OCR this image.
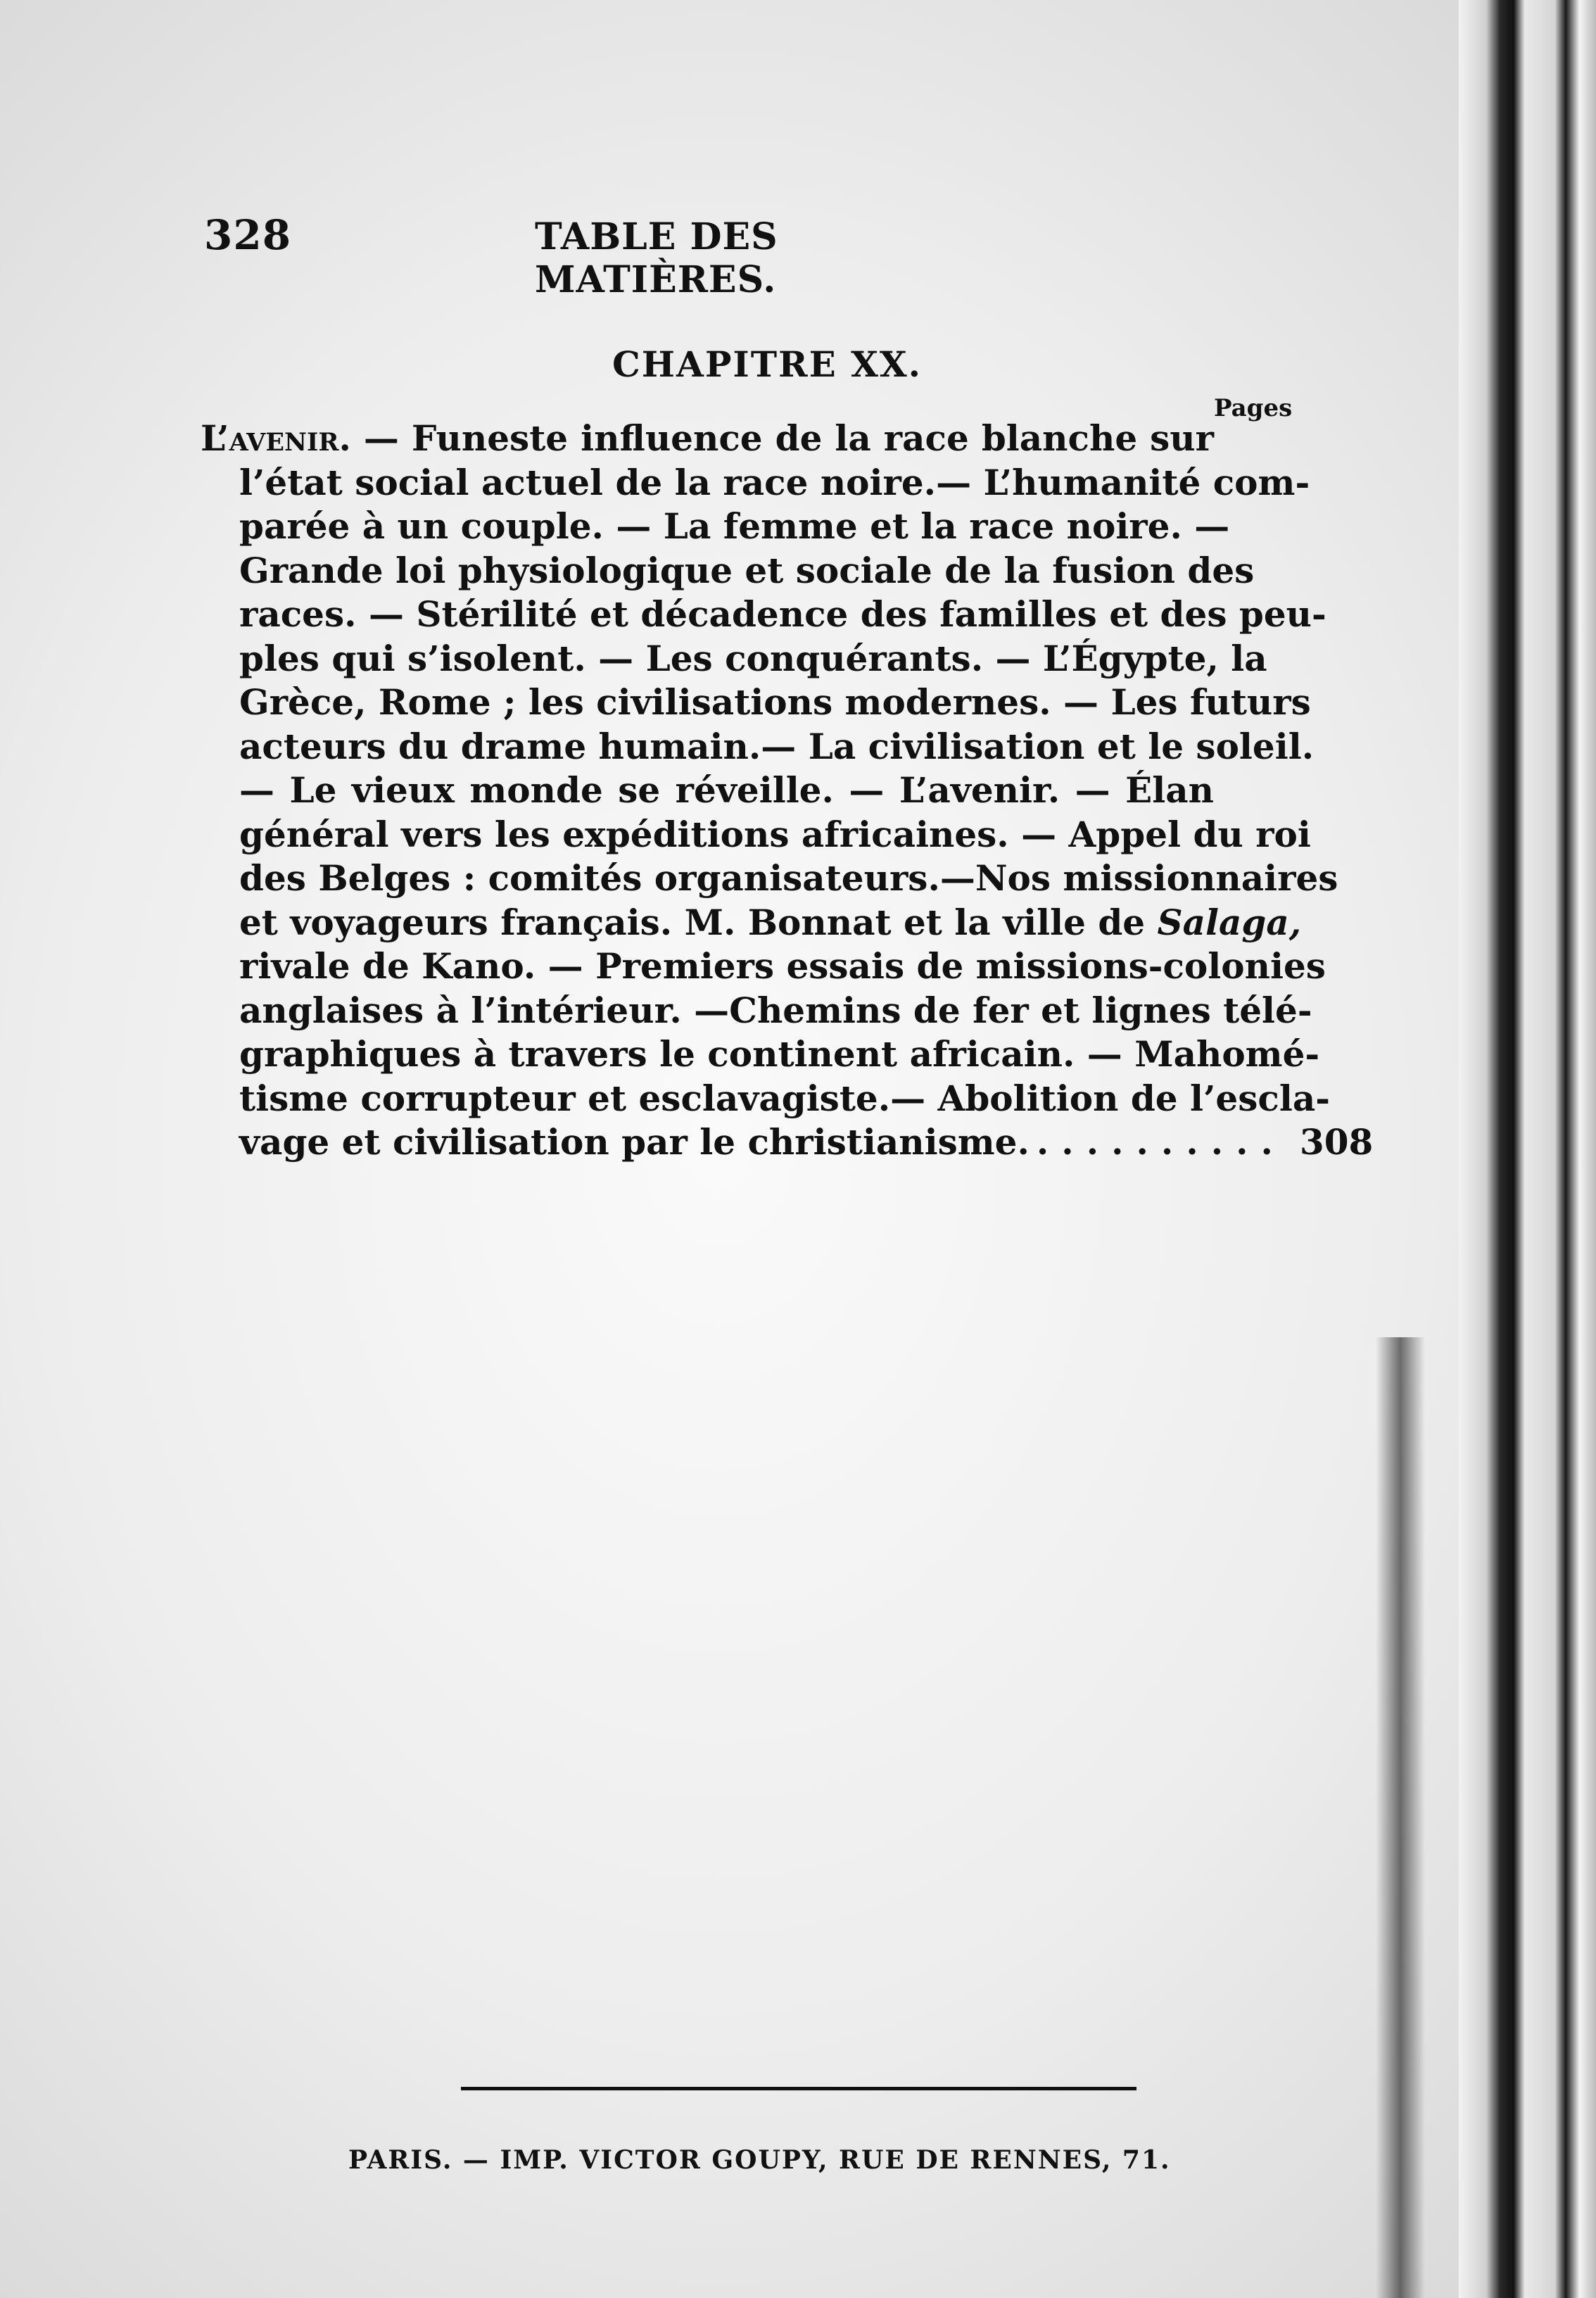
328	TABLE DES MATIÈRES.
CHAPITRE XX.
Pages
L’avenir. — Funeste influence de la race blanche sur
l’état social actuel de la race noire.— L’humanité com-
parée à un couple. — La femme et la race noire. —
Grande loi physiologique et sociale de la fusion des
races. — Stérilité et décadence des familles et des peu-
ples qui s’isolent. — Les conquérants. — L’Égypte, la
Grèce, Rome ; les civilisations modernes. — Les futurs
acteurs du drame humain.— La civilisation et le soleil.
— Le vieux monde se réveille. — L’avenir. — Élan
général vers les expéditions africaines. — Appel du roi
des Belges : comités organisateurs.—Nos missionnaires
et voyageurs français. M. Bonnat et la ville de Salaga,
rivale de Kano. — Premiers essais de missions-colonies
anglaises à l’intérieur. —Chemins de fer et lignes télé-
graphiques à travers le continent africain. — Mahomé-
tisme corrupteur et esclavagiste.— Abolition de l’escla-
vage et civilisation par le christianisme. .......... 308
PARIS. — IMP. VICTOR GOUPY, RUE DE RENNES, 71.
